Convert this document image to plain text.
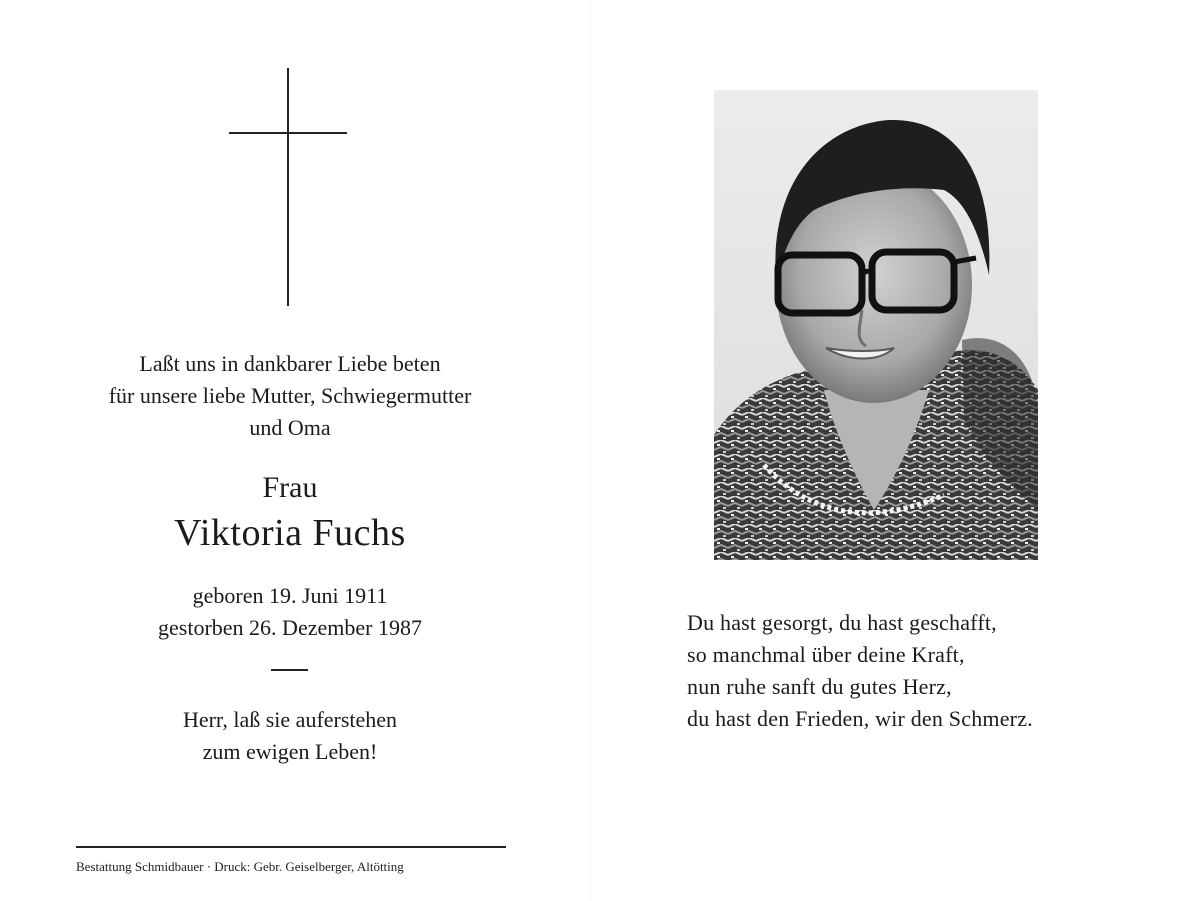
Laßt uns in dankbarer Liebe beten
für unsere liebe Mutter, Schwiegermutter
und Oma
Frau
Viktoria Fuchs
geboren 19. Juni 1911
gestorben 26. Dezember 1987
Herr, laß sie auferstehen
zum ewigen Leben!
Bestattung Schmidbauer · Druck: Gebr. Geiselberger, Altötting
Du hast gesorgt, du hast geschafft,
so manchmal über deine Kraft,
nun ruhe sanft du gutes Herz,
du hast den Frieden, wir den Schmerz.
